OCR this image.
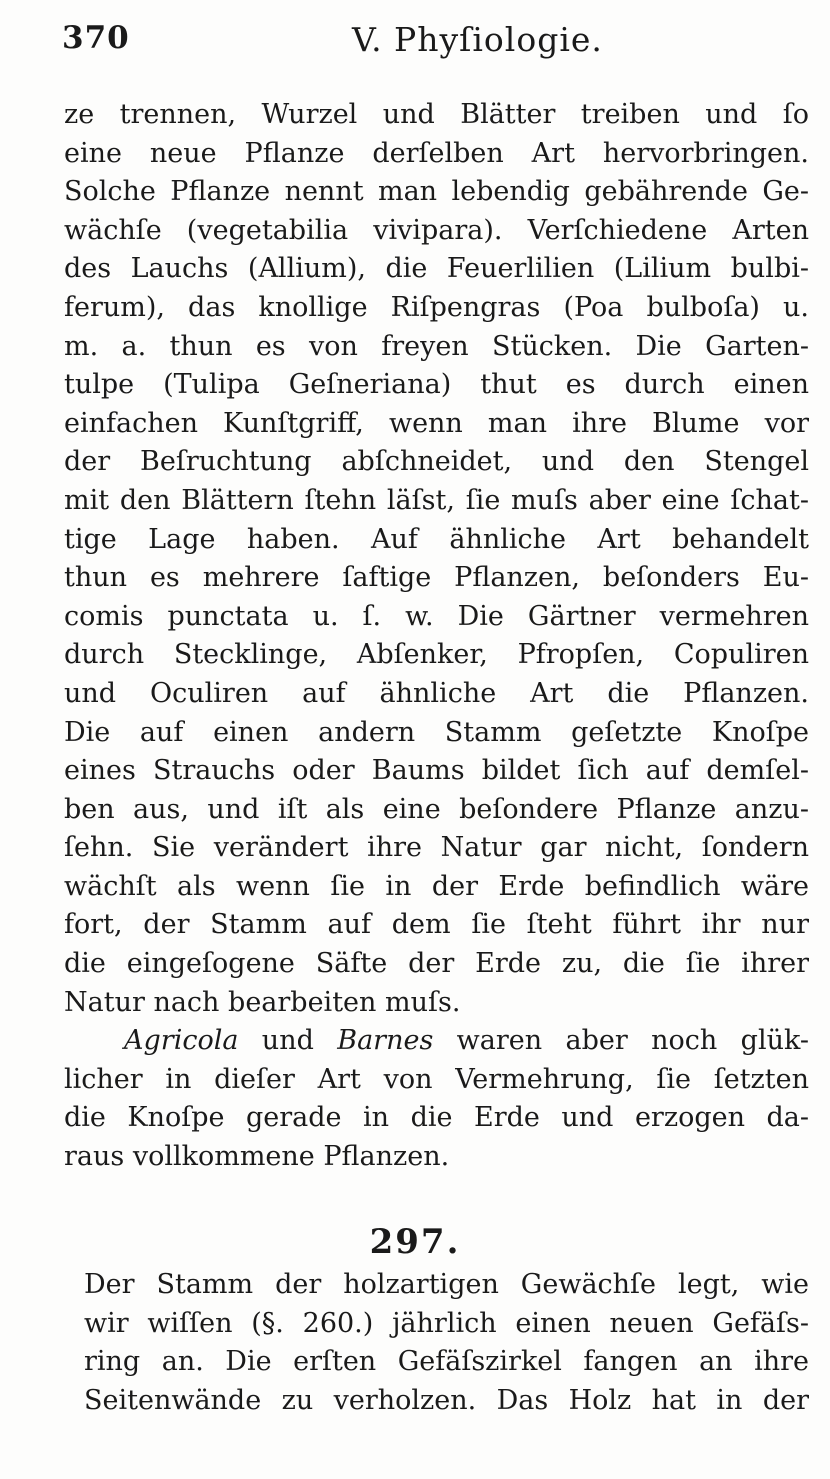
370	V. Phyſiologie.
ze trennen, Wurzel und Blätter treiben und ſo
eine neue Pflanze derſelben Art hervorbringen.
Solche Pflanze nennt man lebendig gebährende Ge-
wächſe (vegetabilia vivipara). Verſchiedene Arten
des Lauchs (Allium), die Feuerlilien (Lilium bulbi-
ferum), das knollige Riſpengras (Poa bulboſa) u.
m. a. thun es von freyen Stücken. Die Garten-
tulpe (Tulipa Geſneriana) thut es durch einen
einfachen Kunſtgriff, wenn man ihre Blume vor
der Beſruchtung abſchneidet, und den Stengel
mit den Blättern ſtehn läſst, ſie muſs aber eine ſchat-
tige Lage haben. Auf ähnliche Art behandelt
thun es mehrere ſaftige Pflanzen, beſonders Eu-
comis punctata u. ſ. w. Die Gärtner vermehren
durch Stecklinge, Abſenker, Pfropſen, Copuliren
und Oculiren auf ähnliche Art die Pflanzen.
Die auf einen andern Stamm geſetzte Knoſpe
eines Strauchs oder Baums bildet ſich auf demſel-
ben aus, und iſt als eine beſondere Pflanze anzu-
ſehn. Sie verändert ihre Natur gar nicht, ſondern
wächſt als wenn ſie in der Erde befindlich wäre
fort, der Stamm auf dem ſie ſteht führt ihr nur
die eingeſogene Säfte der Erde zu, die ſie ihrer
Natur nach bearbeiten muſs.
Agricola und Barnes waren aber noch glük-
licher in dieſer Art von Vermehrung, ſie ſetzten
die Knoſpe gerade in die Erde und erzogen da-
raus vollkommene Pflanzen.
297.
Der Stamm der holzartigen Gewächſe legt, wie
wir wiſſen (§. 260.) jährlich einen neuen Gefäſs-
ring an. Die erſten Gefäſszirkel fangen an ihre
Seitenwände zu verholzen. Das Holz hat in der
